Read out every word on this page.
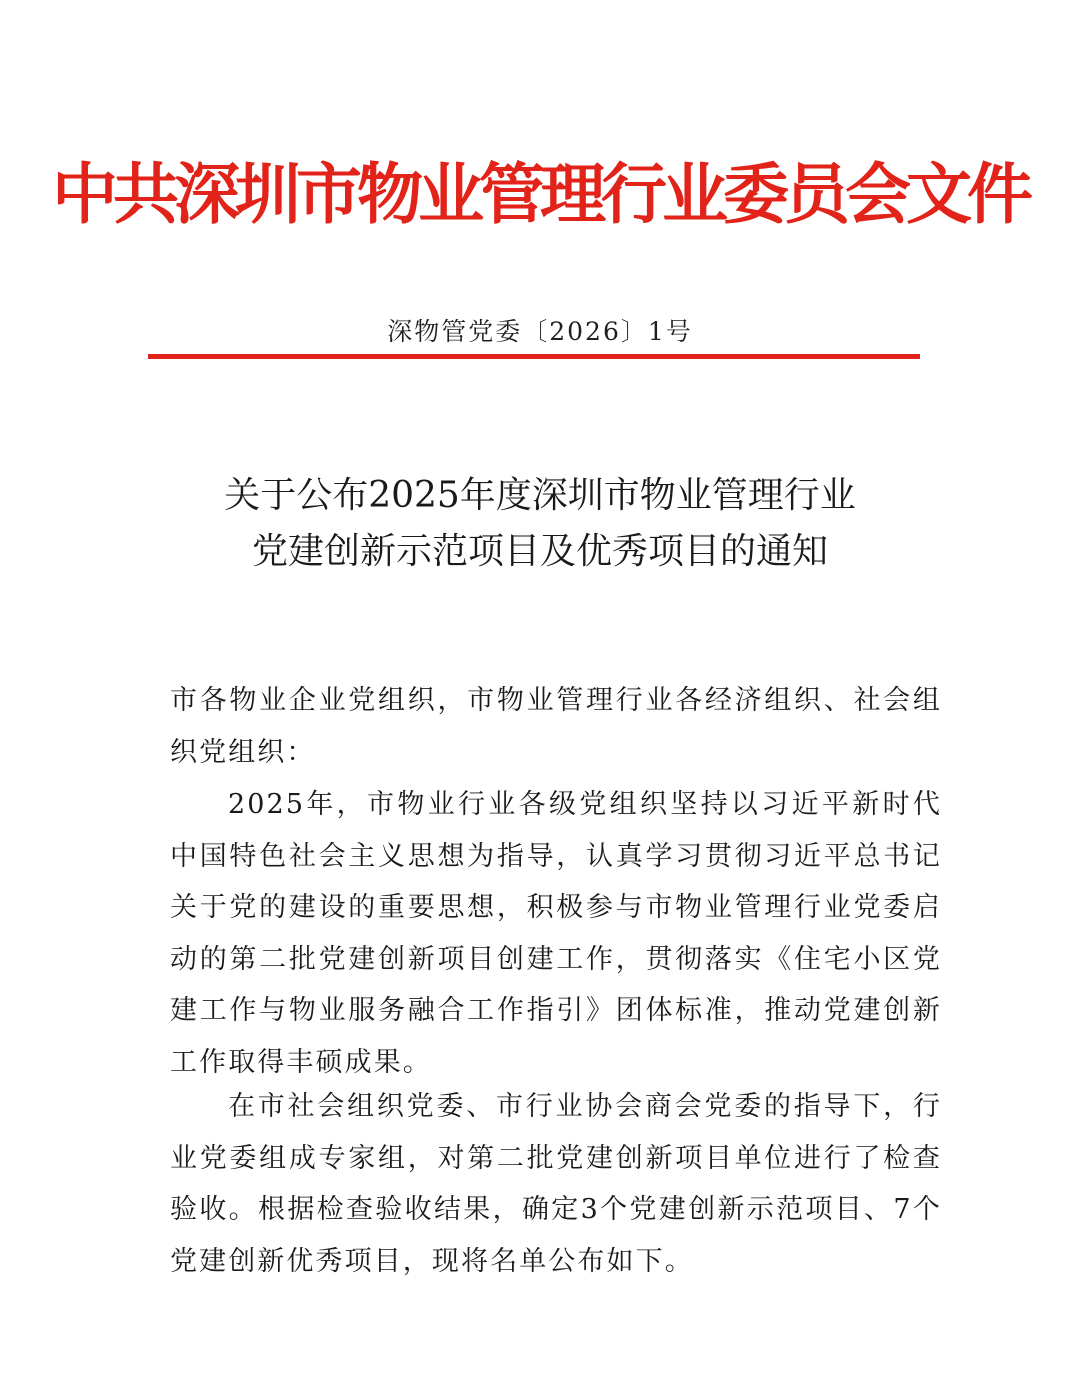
中共深圳市物业管理行业委员会文件
深物管党委〔2026〕1号
关于公布2025年度深圳市物业管理行业
党建创新示范项目及优秀项目的通知

市各物业企业党组织，市物业管理行业各经济组织、社会组织党组织：

2025年，市物业行业各级党组织坚持以习近平新时代中国特色社会主义思想为指导，认真学习贯彻习近平总书记关于党的建设的重要思想，积极参与市物业管理行业党委启动的第二批党建创新项目创建工作，贯彻落实《住宅小区党建工作与物业服务融合工作指引》团体标准，推动党建创新工作取得丰硕成果。

在市社会组织党委、市行业协会商会党委的指导下，行业党委组成专家组，对第二批党建创新项目单位进行了检查验收。根据检查验收结果，确定3个党建创新示范项目、7个党建创新优秀项目，现将名单公布如下。
